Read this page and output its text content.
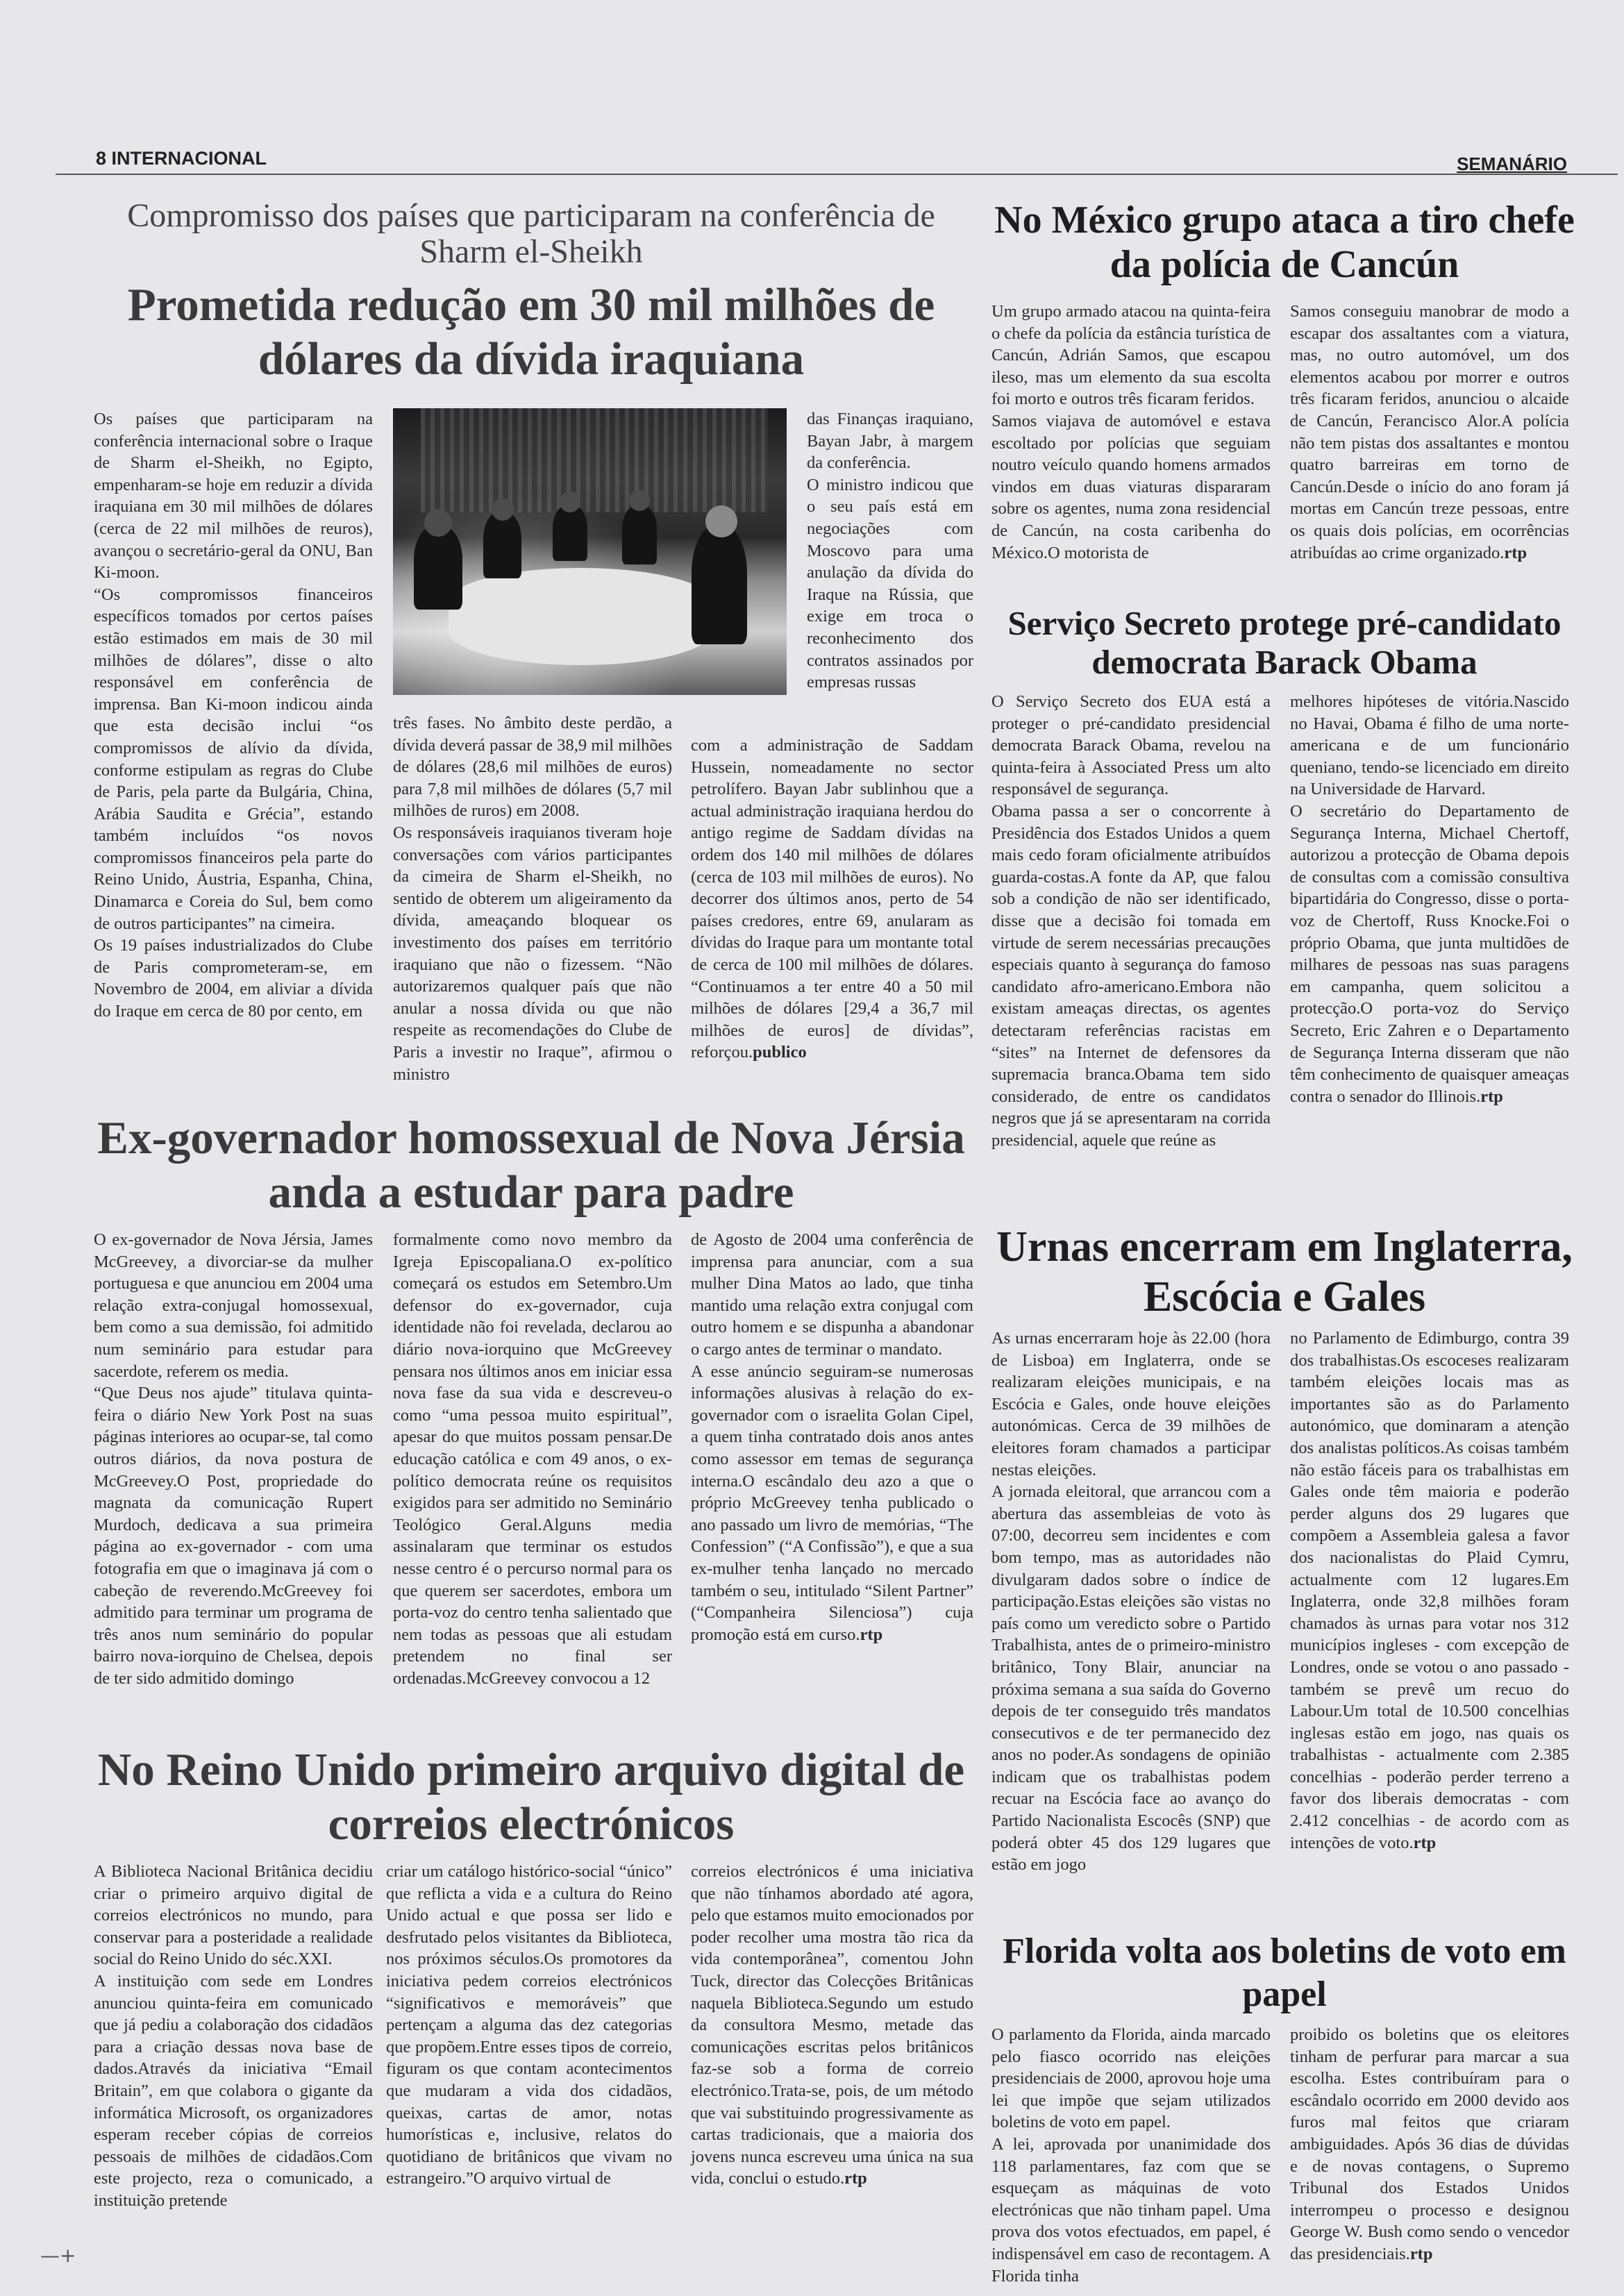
8 INTERNACIONAL	SEMANÁRIO
Compromisso dos países que participaram na conferência de Sharm el-Sheikh
Prometida redução em 30 mil milhões de dólares da dívida iraquiana

Os países que participaram na conferência internacional sobre o Iraque de Sharm el-Sheikh, no Egipto, empenharam-se hoje em reduzir a dívida iraquiana em 30 mil milhões de dólares (cerca de 22 mil milhões de reuros), avançou o secretário-geral da ONU, Ban Ki-moon.
“Os compromissos financeiros específicos tomados por certos países estão estimados em mais de 30 mil milhões de dólares”, disse o alto responsável em conferência de imprensa. Ban Ki-moon indicou ainda que esta decisão inclui “os compromissos de alívio da dívida, conforme estipulam as regras do Clube de Paris, pela parte da Bulgária, China, Arábia Saudita e Grécia”, estando também incluídos “os novos compromissos financeiros pela parte do Reino Unido, Áustria, Espanha, China, Dinamarca e Coreia do Sul, bem como de outros participantes” na cimeira.
Os 19 países industrializados do Clube de Paris comprometeram-se, em Novembro de 2004, em aliviar a dívida do Iraque em cerca de 80 por cento, em

três fases. No âmbito deste perdão, a dívida deverá passar de 38,9 mil milhões de dólares (28,6 mil milhões de euros) para 7,8 mil milhões de dólares (5,7 mil milhões de ruros) em 2008.
Os responsáveis iraquianos tiveram hoje conversações com vários participantes da cimeira de Sharm el-Sheikh, no sentido de obterem um aligeiramento da dívida, ameaçando bloquear os investimento dos países em território iraquiano que não o fizessem. “Não autorizaremos qualquer país que não anular a nossa dívida ou que não respeite as recomendações do Clube de Paris a investir no Iraque”, afirmou o ministro

das Finanças iraquiano, Bayan Jabr, à margem da conferência.
O ministro indicou que o seu país está em negociações com Moscovo para uma anulação da dívida do Iraque na Rússia, que exige em troca o reconhecimento dos contratos assinados por empresas russas

com a administração de Saddam Hussein, nomeadamente no sector petrolífero. Bayan Jabr sublinhou que a actual administração iraquiana herdou do antigo regime de Saddam dívidas na ordem dos 140 mil milhões de dólares (cerca de 103 mil milhões de euros). No decorrer dos últimos anos, perto de 54 países credores, entre 69, anularam as dívidas do Iraque para um montante total de cerca de 100 mil milhões de dólares. “Continuamos a ter entre 40 a 50 mil milhões de dólares [29,4 a 36,7 mil milhões de euros] de dívidas”, reforçou.publico

No México grupo ataca a tiro chefe da polícia de Cancún

Um grupo armado atacou na quinta-feira o chefe da polícia da estância turística de Cancún, Adrián Samos, que escapou ileso, mas um elemento da sua escolta foi morto e outros três ficaram feridos.
Samos viajava de automóvel e estava escoltado por polícias que seguiam noutro veículo quando homens armados vindos em duas viaturas dispararam sobre os agentes, numa zona residencial de Cancún, na costa caribenha do México.O motorista de

Samos conseguiu manobrar de modo a escapar dos assaltantes com a viatura, mas, no outro automóvel, um dos elementos acabou por morrer e outros três ficaram feridos, anunciou o alcaide de Cancún, Ferancisco Alor.A polícia não tem pistas dos assaltantes e montou quatro barreiras em torno de Cancún.Desde o início do ano foram já mortas em Cancún treze pessoas, entre os quais dois polícias, em ocorrências atribuídas ao crime organizado.rtp

Serviço Secreto protege pré-candidato democrata Barack Obama

O Serviço Secreto dos EUA está a proteger o pré-candidato presidencial democrata Barack Obama, revelou na quinta-feira à Associated Press um alto responsável de segurança.
Obama passa a ser o concorrente à Presidência dos Estados Unidos a quem mais cedo foram oficialmente atribuídos guarda-costas.A fonte da AP, que falou sob a condição de não ser identificado, disse que a decisão foi tomada em virtude de serem necessárias precauções especiais quanto à segurança do famoso candidato afro-americano.Embora não existam ameaças directas, os agentes detectaram referências racistas em “sites” na Internet de defensores da supremacia branca.Obama tem sido considerado, de entre os candidatos negros que já se apresentaram na corrida presidencial, aquele que reúne as

melhores hipóteses de vitória.Nascido no Havai, Obama é filho de uma norte-americana e de um funcionário queniano, tendo-se licenciado em direito na Universidade de Harvard.
O secretário do Departamento de Segurança Interna, Michael Chertoff, autorizou a protecção de Obama depois de consultas com a comissão consultiva bipartidária do Congresso, disse o porta-voz de Chertoff, Russ Knocke.Foi o próprio Obama, que junta multidões de milhares de pessoas nas suas paragens em campanha, quem solicitou a protecção.O porta-voz do Serviço Secreto, Eric Zahren e o Departamento de Segurança Interna disseram que não têm conhecimento de quaisquer ameaças contra o senador do Illinois.rtp

Ex-governador homossexual de Nova Jérsia anda a estudar para padre

O ex-governador de Nova Jérsia, James McGreevey, a divorciar-se da mulher portuguesa e que anunciou em 2004 uma relação extra-conjugal homossexual, bem como a sua demissão, foi admitido num seminário para estudar para sacerdote, referem os media.
“Que Deus nos ajude” titulava quinta-feira o diário New York Post na suas páginas interiores ao ocupar-se, tal como outros diários, da nova postura de McGreevey.O Post, propriedade do magnata da comunicação Rupert Murdoch, dedicava a sua primeira página ao ex-governador - com uma fotografia em que o imaginava já com o cabeção de reverendo.McGreevey foi admitido para terminar um programa de três anos num seminário do popular bairro nova-iorquino de Chelsea, depois de ter sido admitido domingo

formalmente como novo membro da Igreja Episcopaliana.O ex-político começará os estudos em Setembro.Um defensor do ex-governador, cuja identidade não foi revelada, declarou ao diário nova-iorquino que McGreevey pensara nos últimos anos em iniciar essa nova fase da sua vida e descreveu-o como “uma pessoa muito espiritual”, apesar do que muitos possam pensar.De educação católica e com 49 anos, o ex-político democrata reúne os requisitos exigidos para ser admitido no Seminário Teológico Geral.Alguns media assinalaram que terminar os estudos nesse centro é o percurso normal para os que querem ser sacerdotes, embora um porta-voz do centro tenha salientado que nem todas as pessoas que ali estudam pretendem no final ser ordenadas.McGreevey convocou a 12

de Agosto de 2004 uma conferência de imprensa para anunciar, com a sua mulher Dina Matos ao lado, que tinha mantido uma relação extra conjugal com outro homem e se dispunha a abandonar o cargo antes de terminar o mandato.
A esse anúncio seguiram-se numerosas informações alusivas à relação do ex-governador com o israelita Golan Cipel, a quem tinha contratado dois anos antes como assessor em temas de segurança interna.O escândalo deu azo a que o próprio McGreevey tenha publicado o ano passado um livro de memórias, “The Confession” (“A Confissão”), e que a sua ex-mulher tenha lançado no mercado também o seu, intitulado “Silent Partner” (“Companheira Silenciosa”) cuja promoção está em curso.rtp

Urnas encerram em Inglaterra, Escócia e Gales

As urnas encerraram hoje às 22.00 (hora de Lisboa) em Inglaterra, onde se realizaram eleições municipais, e na Escócia e Gales, onde houve eleições autonómicas. Cerca de 39 milhões de eleitores foram chamados a participar nestas eleições.
A jornada eleitoral, que arrancou com a abertura das assembleias de voto às 07:00, decorreu sem incidentes e com bom tempo, mas as autoridades não divulgaram dados sobre o índice de participação.Estas eleições são vistas no país como um veredicto sobre o Partido Trabalhista, antes de o primeiro-ministro britânico, Tony Blair, anunciar na próxima semana a sua saída do Governo depois de ter conseguido três mandatos consecutivos e de ter permanecido dez anos no poder.As sondagens de opinião indicam que os trabalhistas podem recuar na Escócia face ao avanço do Partido Nacionalista Escocês (SNP) que poderá obter 45 dos 129 lugares que estão em jogo

no Parlamento de Edimburgo, contra 39 dos trabalhistas.Os escoceses realizaram também eleições locais mas as importantes são as do Parlamento autonómico, que dominaram a atenção dos analistas políticos.As coisas também não estão fáceis para os trabalhistas em Gales onde têm maioria e poderão perder alguns dos 29 lugares que compõem a Assembleia galesa a favor dos nacionalistas do Plaid Cymru, actualmente com 12 lugares.Em Inglaterra, onde 32,8 milhões foram chamados às urnas para votar nos 312 municípios ingleses - com excepção de Londres, onde se votou o ano passado - também se prevê um recuo do Labour.Um total de 10.500 concelhias inglesas estão em jogo, nas quais os trabalhistas - actualmente com 2.385 concelhias - poderão perder terreno a favor dos liberais democratas - com 2.412 concelhias - de acordo com as intenções de voto.rtp

No Reino Unido primeiro arquivo digital de correios electrónicos

A Biblioteca Nacional Britânica decidiu criar o primeiro arquivo digital de correios electrónicos no mundo, para conservar para a posteridade a realidade social do Reino Unido do séc.XXI.
A instituição com sede em Londres anunciou quinta-feira em comunicado que já pediu a colaboração dos cidadãos para a criação dessas nova base de dados.Através da iniciativa “Email Britain”, em que colabora o gigante da informática Microsoft, os organizadores esperam receber cópias de correios pessoais de milhões de cidadãos.Com este projecto, reza o comunicado, a instituição pretende

criar um catálogo histórico-social “único” que reflicta a vida e a cultura do Reino Unido actual e que possa ser lido e desfrutado pelos visitantes da Biblioteca, nos próximos séculos.Os promotores da iniciativa pedem correios electrónicos “significativos e memoráveis” que pertençam a alguma das dez categorias que propõem.Entre esses tipos de correio, figuram os que contam acontecimentos que mudaram a vida dos cidadãos, queixas, cartas de amor, notas humorísticas e, inclusive, relatos do quotidiano de britânicos que vivam no estrangeiro.”O arquivo virtual de

correios electrónicos é uma iniciativa que não tínhamos abordado até agora, pelo que estamos muito emocionados por poder recolher uma mostra tão rica da vida contemporânea”, comentou John Tuck, director das Colecções Britânicas naquela Biblioteca.Segundo um estudo da consultora Mesmo, metade das comunicações escritas pelos britânicos faz-se sob a forma de correio electrónico.Trata-se, pois, de um método que vai substituindo progressivamente as cartas tradicionais, que a maioria dos jovens nunca escreveu uma única na sua vida, conclui o estudo.rtp

Florida volta aos boletins de voto em papel

O parlamento da Florida, ainda marcado pelo fiasco ocorrido nas eleições presidenciais de 2000, aprovou hoje uma lei que impõe que sejam utilizados boletins de voto em papel.
A lei, aprovada por unanimidade dos 118 parlamentares, faz com que se esqueçam as máquinas de voto electrónicas que não tinham papel. Uma prova dos votos efectuados, em papel, é indispensável em caso de recontagem. A Florida tinha

proibido os boletins que os eleitores tinham de perfurar para marcar a sua escolha. Estes contribuíram para o escândalo ocorrido em 2000 devido aos furos mal feitos que criaram ambiguidades. Após 36 dias de dúvidas e de novas contagens, o Supremo Tribunal dos Estados Unidos interrompeu o processo e designou George W. Bush como sendo o vencedor das presidenciais.rtp

—+
